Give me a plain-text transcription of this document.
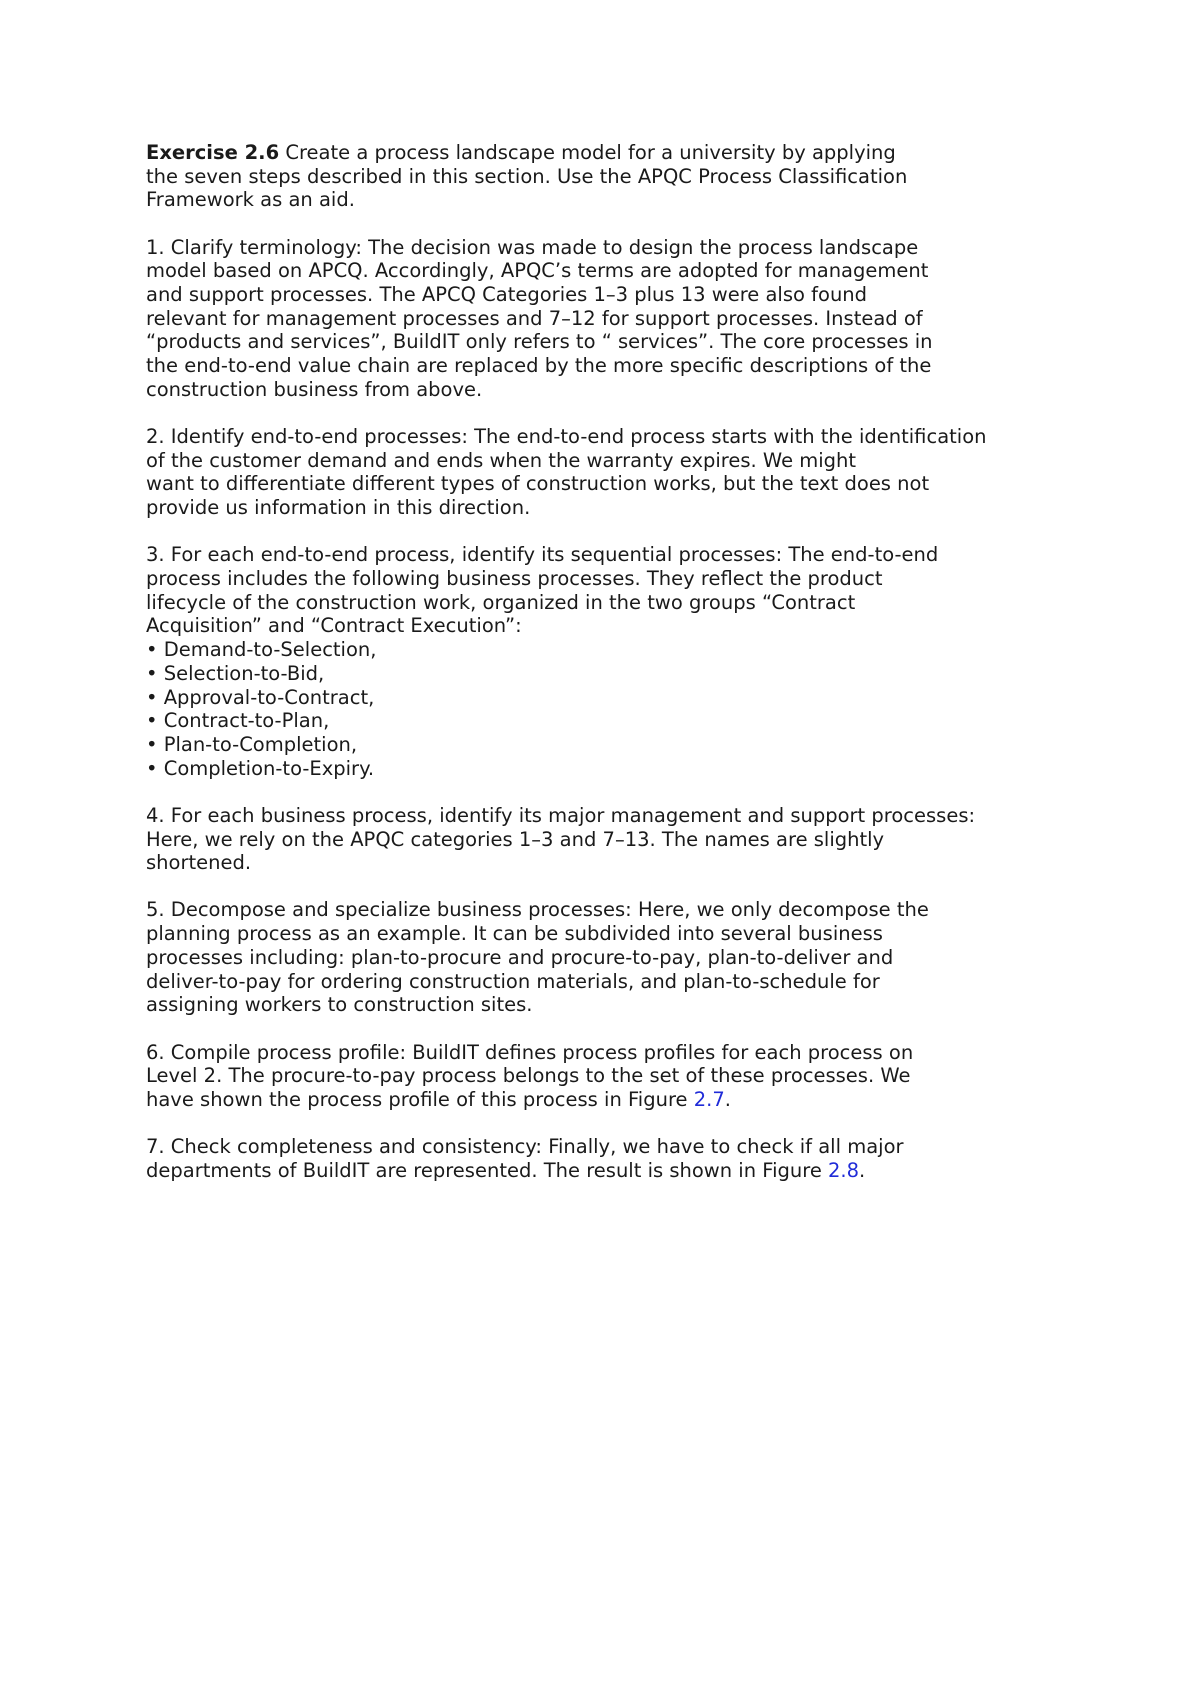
Exercise 2.6 Create a process landscape model for a university by applying
the seven steps described in this section. Use the APQC Process Classification
Framework as an aid.

1. Clarify terminology: The decision was made to design the process landscape
model based on APCQ. Accordingly, APQC’s terms are adopted for management
and support processes. The APCQ Categories 1–3 plus 13 were also found
relevant for management processes and 7–12 for support processes. Instead of
“products and services”, BuildIT only refers to “ services”. The core processes in
the end-to-end value chain are replaced by the more specific descriptions of the
construction business from above.

2. Identify end-to-end processes: The end-to-end process starts with the identification
of the customer demand and ends when the warranty expires. We might
want to differentiate different types of construction works, but the text does not
provide us information in this direction.

3. For each end-to-end process, identify its sequential processes: The end-to-end
process includes the following business processes. They reflect the product
lifecycle of the construction work, organized in the two groups “Contract
Acquisition” and “Contract Execution”:
• Demand-to-Selection,
• Selection-to-Bid,
• Approval-to-Contract,
• Contract-to-Plan,
• Plan-to-Completion,
• Completion-to-Expiry.

4. For each business process, identify its major management and support processes:
Here, we rely on the APQC categories 1–3 and 7–13. The names are slightly
shortened.

5. Decompose and specialize business processes: Here, we only decompose the
planning process as an example. It can be subdivided into several business
processes including: plan-to-procure and procure-to-pay, plan-to-deliver and
deliver-to-pay for ordering construction materials, and plan-to-schedule for
assigning workers to construction sites.

6. Compile process profile: BuildIT defines process profiles for each process on
Level 2. The procure-to-pay process belongs to the set of these processes. We
have shown the process profile of this process in Figure 2.7.

7. Check completeness and consistency: Finally, we have to check if all major
departments of BuildIT are represented. The result is shown in Figure 2.8.
